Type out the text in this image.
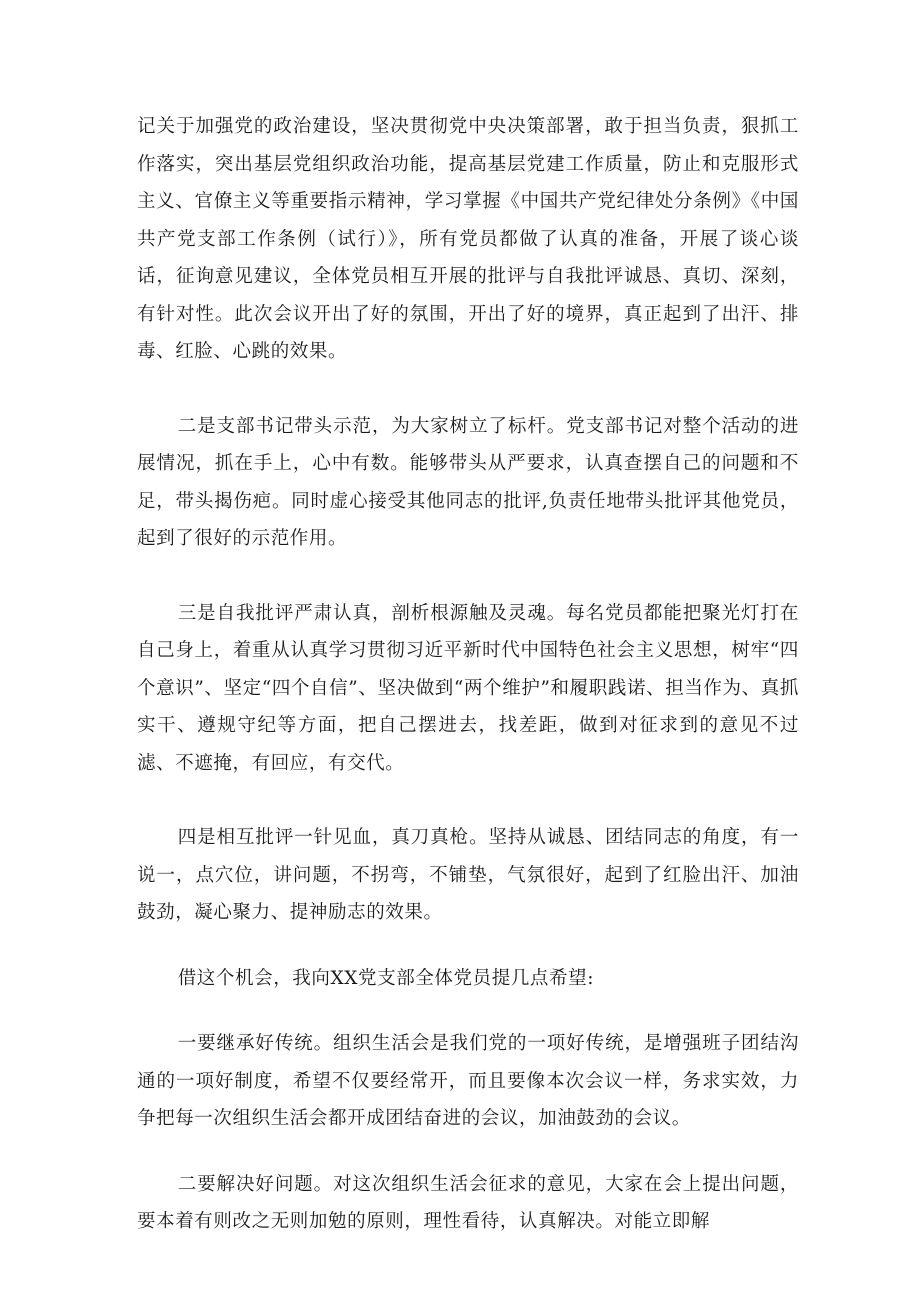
记关于加强党的政治建设，坚决贯彻党中央决策部署，敢于担当负责，狠抓工作落实，突出基层党组织政治功能，提高基层党建工作质量，防止和克服形式主义、官僚主义等重要指示精神，学习掌握《中国共产党纪律处分条例》《中国共产党支部工作条例（试行）》，所有党员都做了认真的准备，开展了谈心谈话，征询意见建议，全体党员相互开展的批评与自我批评诚恳、真切、深刻，有针对性。此次会议开出了好的氛围，开出了好的境界，真正起到了出汗、排毒、红脸、心跳的效果。

二是支部书记带头示范，为大家树立了标杆。党支部书记对整个活动的进展情况，抓在手上，心中有数。能够带头从严要求，认真查摆自己的问题和不足，带头揭伤疤。同时虚心接受其他同志的批评,负责任地带头批评其他党员，起到了很好的示范作用。

三是自我批评严肃认真，剖析根源触及灵魂。每名党员都能把聚光灯打在自己身上，着重从认真学习贯彻习近平新时代中国特色社会主义思想，树牢“四个意识”、坚定“四个自信”、坚决做到“两个维护”和履职践诺、担当作为、真抓实干、遵规守纪等方面，把自己摆进去，找差距，做到对征求到的意见不过滤、不遮掩，有回应，有交代。

四是相互批评一针见血，真刀真枪。坚持从诚恳、团结同志的角度，有一说一，点穴位，讲问题，不拐弯，不铺垫，气氛很好，起到了红脸出汗、加油鼓劲，凝心聚力、提神励志的效果。

借这个机会，我向XX党支部全体党员提几点希望:

一要继承好传统。组织生活会是我们党的一项好传统，是增强班子团结沟通的一项好制度，希望不仅要经常开，而且要像本次会议一样，务求实效，力争把每一次组织生活会都开成团结奋进的会议，加油鼓劲的会议。

二要解决好问题。对这次组织生活会征求的意见，大家在会上提出问题，要本着有则改之无则加勉的原则，理性看待，认真解决。对能立即解
